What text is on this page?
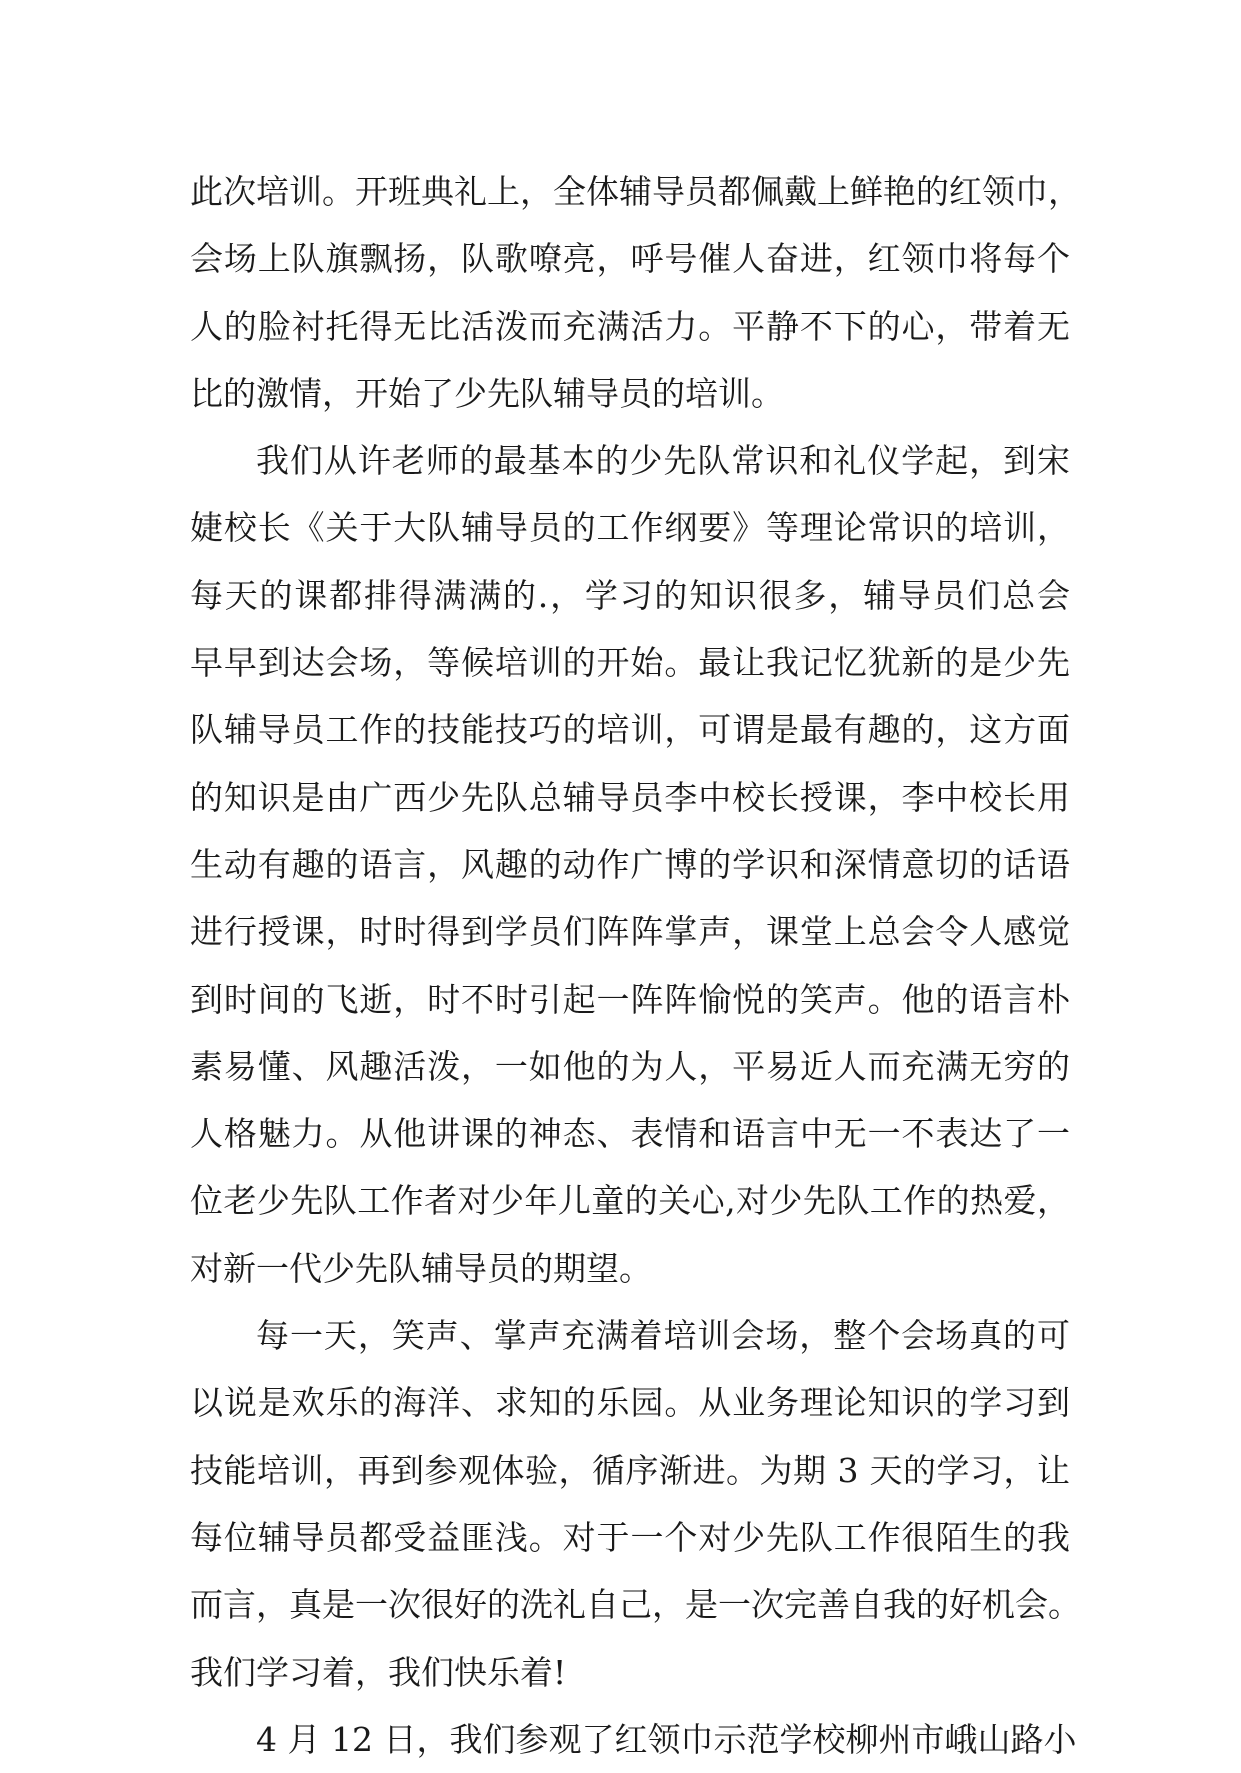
此次培训。开班典礼上，全体辅导员都佩戴上鲜艳的红领巾，
会场上队旗飘扬，队歌嘹亮，呼号催人奋进，红领巾将每个
人的脸衬托得无比活泼而充满活力。平静不下的心，带着无
比的激情，开始了少先队辅导员的培训。
我们从许老师的最基本的少先队常识和礼仪学起，到宋
婕校长《关于大队辅导员的工作纲要》等理论常识的培训，
每天的课都排得满满的.，学习的知识很多，辅导员们总会
早早到达会场，等候培训的开始。最让我记忆犹新的是少先
队辅导员工作的技能技巧的培训，可谓是最有趣的，这方面
的知识是由广西少先队总辅导员李中校长授课，李中校长用
生动有趣的语言，风趣的动作广博的学识和深情意切的话语
进行授课，时时得到学员们阵阵掌声，课堂上总会令人感觉
到时间的飞逝，时不时引起一阵阵愉悦的笑声。他的语言朴
素易懂、风趣活泼，一如他的为人，平易近人而充满无穷的
人格魅力。从他讲课的神态、表情和语言中无一不表达了一
位老少先队工作者对少年儿童的关心,对少先队工作的热爱，
对新一代少先队辅导员的期望。
每一天，笑声、掌声充满着培训会场，整个会场真的可
以说是欢乐的海洋、求知的乐园。从业务理论知识的学习到
技能培训，再到参观体验，循序渐进。为期 3 天的学习，让
每位辅导员都受益匪浅。对于一个对少先队工作很陌生的我
而言，真是一次很好的洗礼自己，是一次完善自我的好机会。
我们学习着，我们快乐着!
4 月 12 日，我们参观了红领巾示范学校柳州市峨山路小
